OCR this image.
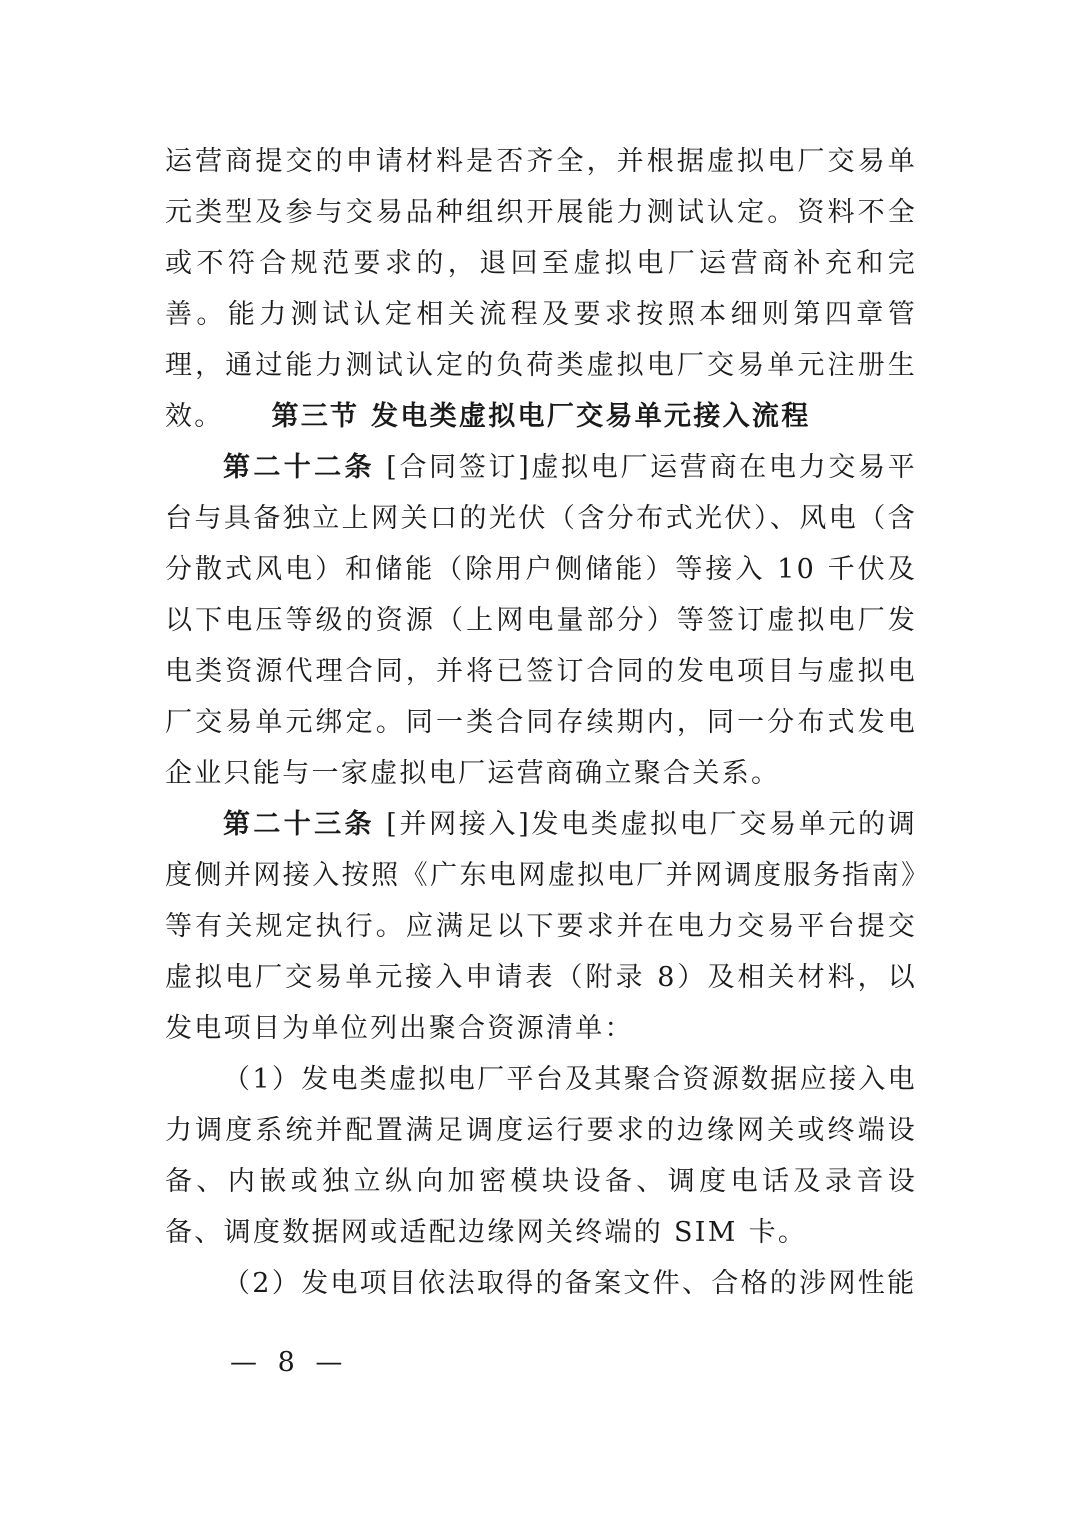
运营商提交的申请材料是否齐全，并根据虚拟电厂交易单元类型及参与交易品种组织开展能力测试认定。资料不全或不符合规范要求的，退回至虚拟电厂运营商补充和完善。能力测试认定相关流程及要求按照本细则第四章管理，通过能力测试认定的负荷类虚拟电厂交易单元注册生效。	第三节 发电类虚拟电厂交易单元接入流程

第二十二条 [合同签订]虚拟电厂运营商在电力交易平台与具备独立上网关口的光伏（含分布式光伏）、风电（含分散式风电）和储能（除用户侧储能）等接入 10 千伏及以下电压等级的资源（上网电量部分）等签订虚拟电厂发电类资源代理合同，并将已签订合同的发电项目与虚拟电厂交易单元绑定。同一类合同存续期内，同一分布式发电企业只能与一家虚拟电厂运营商确立聚合关系。

第二十三条 [并网接入]发电类虚拟电厂交易单元的调度侧并网接入按照《广东电网虚拟电厂并网调度服务指南》等有关规定执行。应满足以下要求并在电力交易平台提交虚拟电厂交易单元接入申请表（附录 8）及相关材料，以发电项目为单位列出聚合资源清单：

（1）发电类虚拟电厂平台及其聚合资源数据应接入电力调度系统并配置满足调度运行要求的边缘网关或终端设备、内嵌或独立纵向加密模块设备、调度电话及录音设备、调度数据网或适配边缘网关终端的 SIM 卡。

（2）发电项目依法取得的备案文件、合格的涉网性能

— 8 —
